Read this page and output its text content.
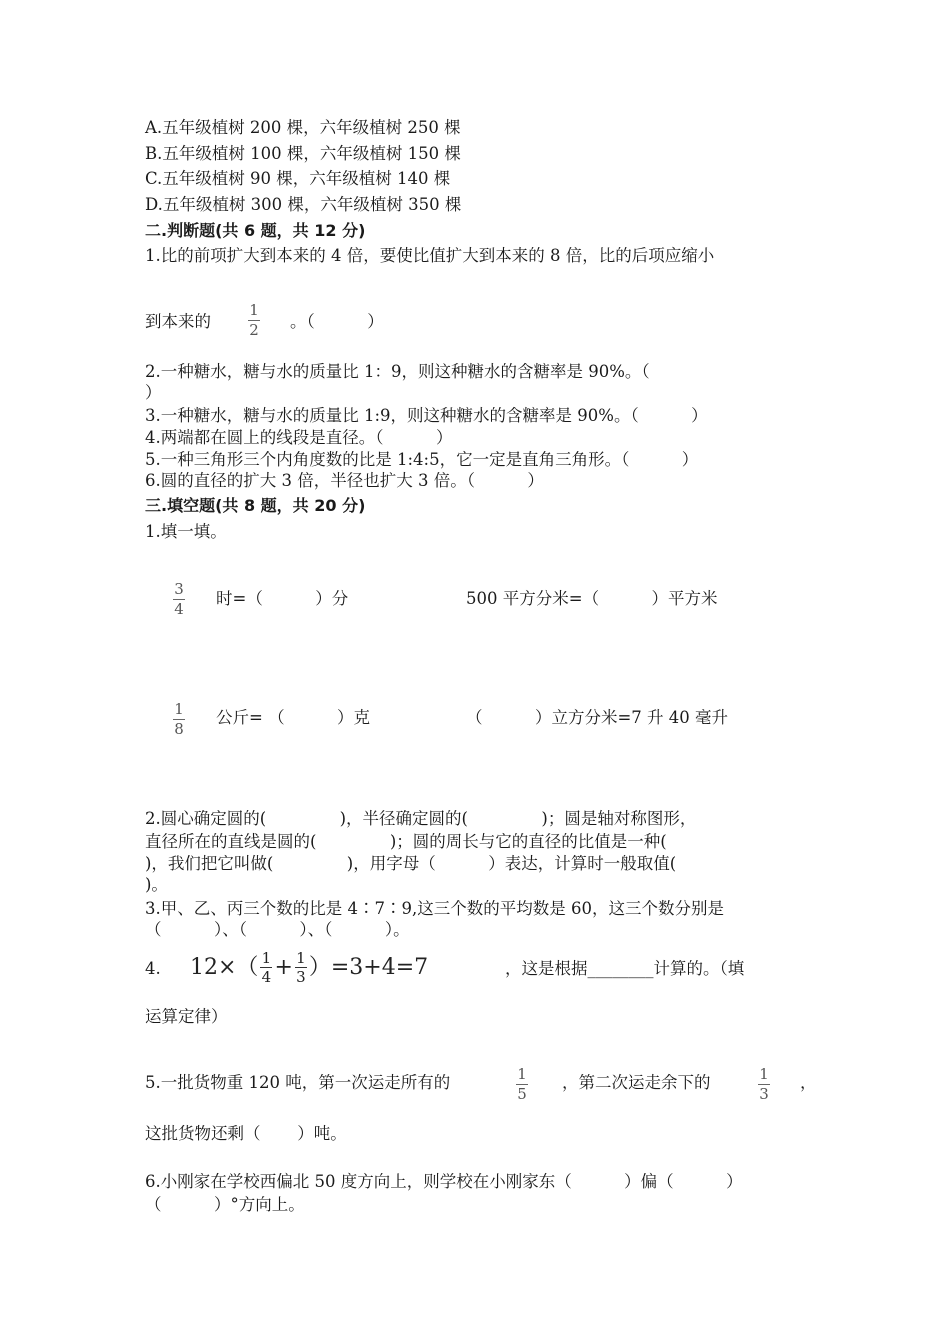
A.五年级植树 200 棵，六年级植树 250 棵
B.五年级植树 100 棵，六年级植树 150 棵
C.五年级植树 90 棵，六年级植树 140 棵
D.五年级植树 300 棵，六年级植树 350 棵
二.判断题(共 6 题，共 12 分)
1.比的前项扩大到本来的 4 倍，要使比值扩大到本来的 8 倍，比的后项应缩小
到本来的
1
2 。（          ）
2.一种糖水，糖与水的质量比 1：9，则这种糖水的含糖率是 90%。（
）
3.一种糖水，糖与水的质量比 1:9，则这种糖水的含糖率是 90%。（          ）
4.两端都在圆上的线段是直径。（          ）
5.一种三角形三个内角度数的比是 1:4:5，它一定是直角三角形。（          ）
6.圆的直径的扩大 3 倍，半径也扩大 3 倍。（          ）
三.填空题(共 8 题，共 20 分)
1.填一填。
3
4
时=（          ）分	500 平方分米=（          ）平方米
1
8
公斤= （          ）克	（          ）立方分米=7 升 40 毫升
2.圆心确定圆的(              )，半径确定圆的(              )；圆是轴对称图形，
直径所在的直线是圆的(              )；圆的周长与它的直径的比值是一种(
)，我们把它叫做(              )，用字母（          ）表达，计算时一般取值(
)。
3.甲、乙、丙三个数的比是 4∶7∶9,这三个数的平均数是 60，这三个数分别是
（          ）、（          ）、（          ）。
4. 12×（ 1
4 + 1
3 ）=3+4=7	，这是根据________计算的。（填
运算定律）
5.一批货物重 120 吨，第一次运走所有的	1
5
，第二次运走余下的	1
3
，
这批货物还剩（       ）吨。
6.小刚家在学校西偏北 50 度方向上，则学校在小刚家东（          ）偏（          ）
（          ）°方向上。
